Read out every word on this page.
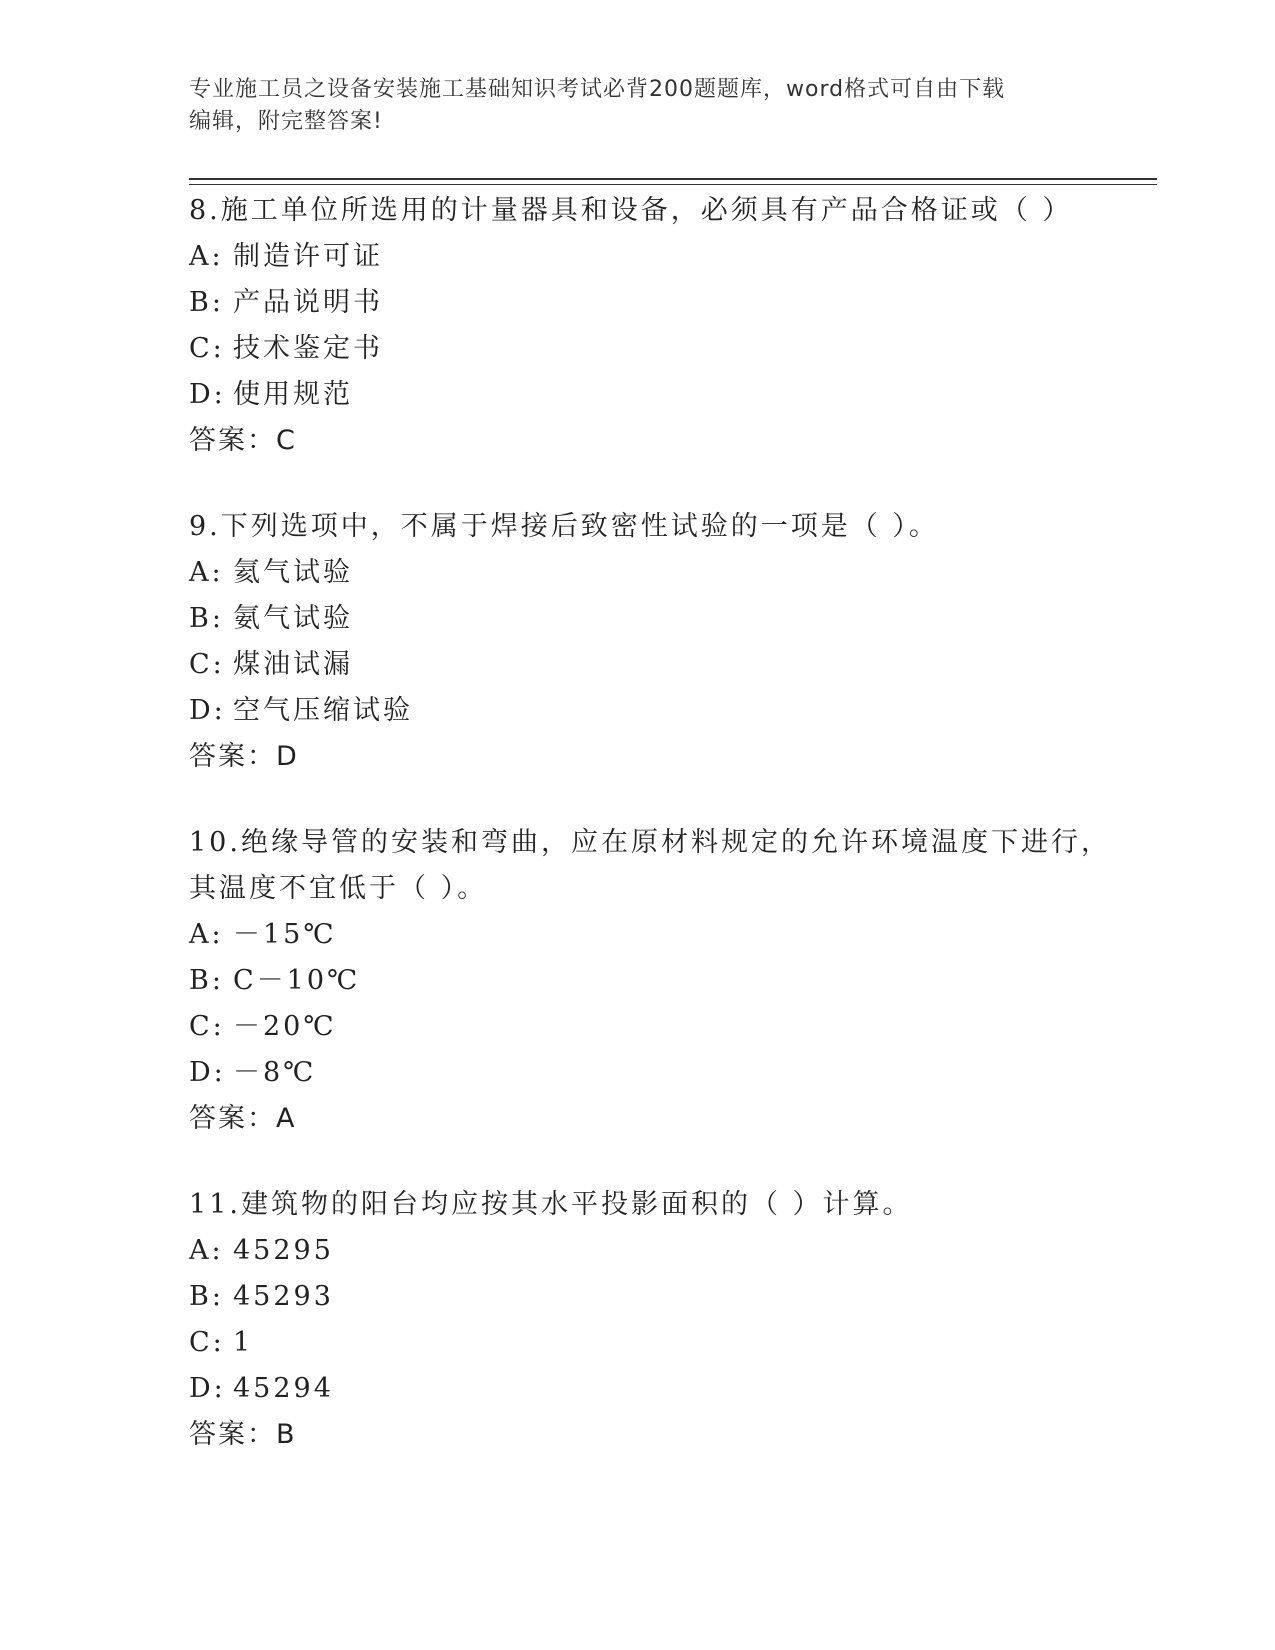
专业施工员之设备安装施工基础知识考试必背200题题库，word格式可自由下载
编辑，附完整答案!
8.施工单位所选用的计量器具和设备，必须具有产品合格证或（ ）
A: 制造许可证
B: 产品说明书
C: 技术鉴定书
D: 使用规范
答案：C
9.下列选项中，不属于焊接后致密性试验的一项是（ ）。
A: 氦气试验
B: 氨气试验
C: 煤油试漏
D: 空气压缩试验
答案：D
10.绝缘导管的安装和弯曲，应在原材料规定的允许环境温度下进行，
其温度不宜低于（ ）。
A: －15℃
B: C－10℃
C: －20℃
D: －8℃
答案：A
11.建筑物的阳台均应按其水平投影面积的（ ）计算。
A: 45295
B: 45293
C: 1
D: 45294
答案：B
